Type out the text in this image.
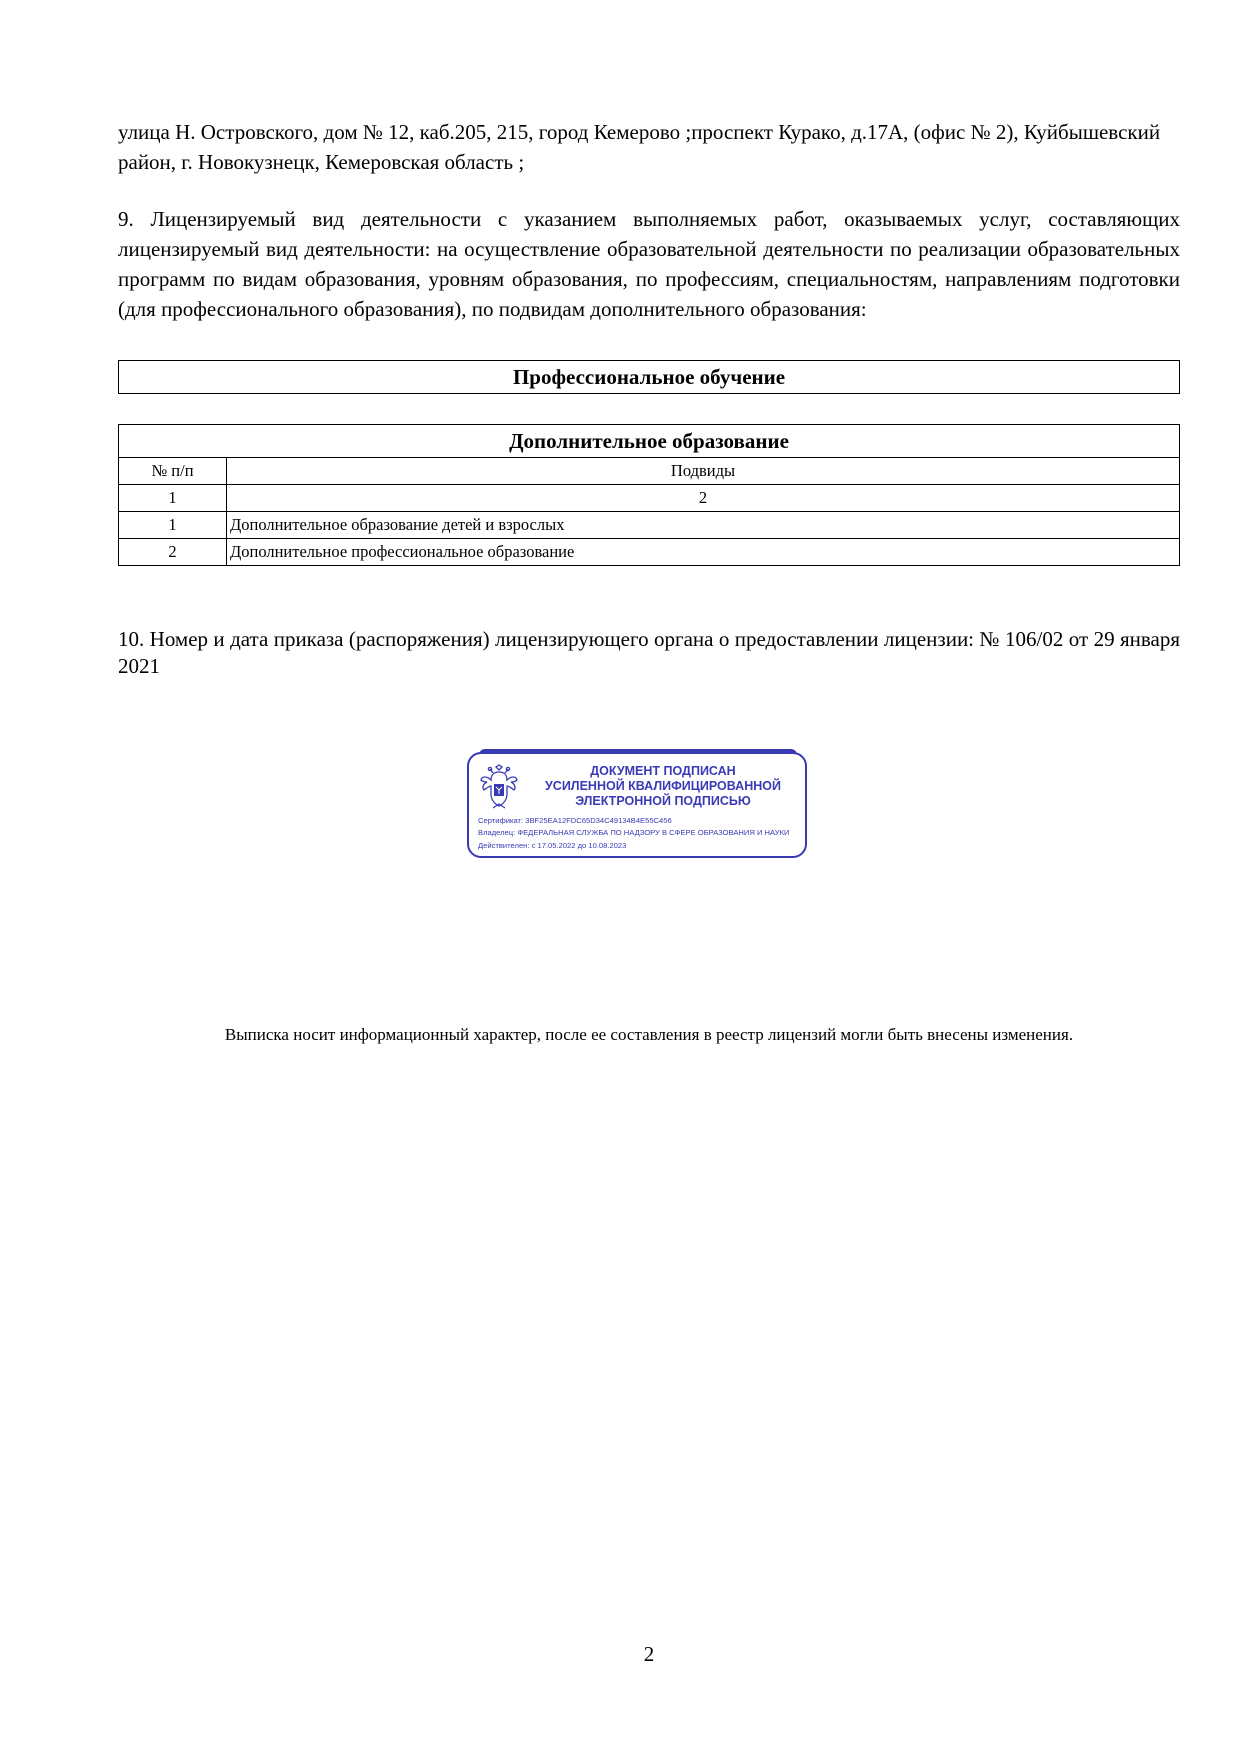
улица Н. Островского, дом № 12, каб.205, 215, город Кемерово ;проспект Курако, д.17А, (офис № 2), Куйбышевский район, г. Новокузнецк, Кемеровская область ;
9. Лицензируемый вид деятельности с указанием выполняемых работ, оказываемых услуг, составляющих лицензируемый вид деятельности: на осуществление образовательной деятельности по реализации образовательных программ по видам образования, уровням образования, по профессиям, специальностям, направлениям подготовки (для профессионального образования), по подвидам дополнительного образования:
Профессиональное обучение
Дополнительное образование	
№ п/п	Подвиды
1	2
1	Дополнительное образование детей и взрослых
2	Дополнительное профессиональное образование
10. Номер и дата приказа (распоряжения) лицензирующего органа о предоставлении лицензии: № 106/02 от 29 января 2021
ДОКУМЕНТ ПОДПИСАН
УСИЛЕННОЙ КВАЛИФИЦИРОВАННОЙ
ЭЛЕКТРОННОЙ ПОДПИСЬЮ
Сертификат: 3BF25EA12FDC65D34C49134B4E55C456
Владелец: ФЕДЕРАЛЬНАЯ СЛУЖБА ПО НАДЗОРУ В СФЕРЕ ОБРАЗОВАНИЯ И НАУКИ
Действителен: с 17.05.2022 до 10.08.2023
Выписка носит информационный характер, после ее составления в реестр лицензий могли быть внесены изменения.
2
